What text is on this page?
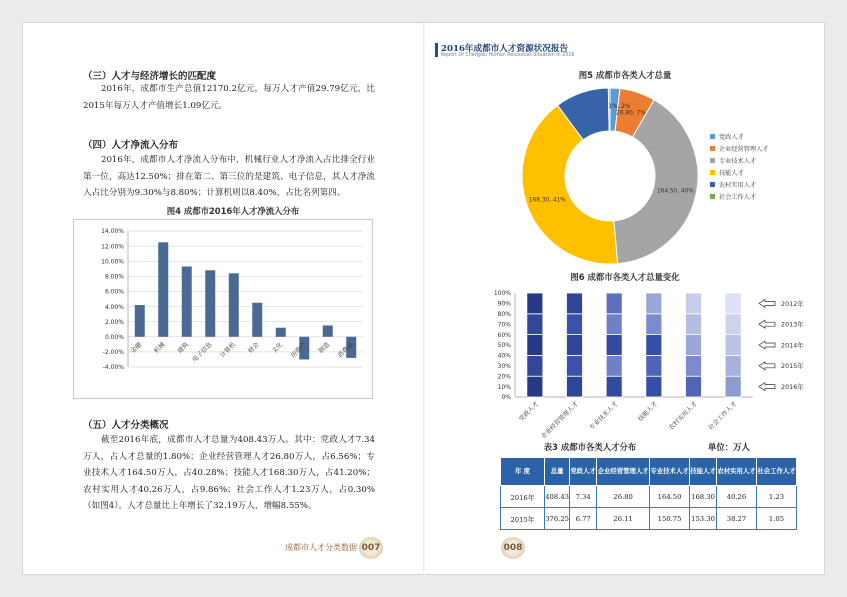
（三）人才与经济增长的匹配度
2016年，成都市生产总值12170.2亿元，每万人才产值29.79亿元，比2015年每万人才产值增长1.09亿元。
（四）人才净流入分布
2016年，成都市人才净流入分布中，机械行业人才净流入占比排全行业第一位，高达12.50%；排在第二、第三位的是建筑、电子信息，其人才净流入占比分别为9.30%与8.80%；计算机则以8.40%，占比名列第四。
图4 成都市2016年人才净流入分布
14.00%
12.00%
10.00%
8.00%
6.00%
4.00%
2.00%
0.00%
-2.00%
-4.00%
金融 机械 建筑 电子信息 计算机 财会 文化 房地产 制造 消费品
（五）人才分类概况
截至2016年底，成都市人才总量为408.43万人。其中：党政人才7.34万人，占人才总量的1.80%；企业经营管理人才26.80万人，占6.56%；专业技术人才164.50万人，占40.28%；技能人才168.30万人，占41.20%；农村实用人才40.26万人，占9.86%；社会工作人才1.23万人，占0.30%（如图4）。人才总量比上年增长了32.19万人，增幅8.55%。
成都市人才分类数据 007
2016年成都市人才资源状况报告
Report Of Chengdu Human Resources Situation In 2016
图5 成都市各类人才总量
26.80, 7%
164.50, 40%
168.30, 41%
1%, 2%
党政人才
企业经营管理人才
专业技术人才
技能人才
农村实用人才
社会工作人才
图6 成都市各类人才总量变化
100%
90%
80%
70%
60%
50%
40%
30%
20%
10%
0%
党政人才 企业经营管理人才 专业技术人才	技能人才 农村实用人才 社会工作人才
2016年
2015年
2014年
2013年
2012年
表3 成都市各类人才分布	单位：万人
年 度	总量	党政人才	企业经营管理人才	专业技术人才	技能人才	农村实用人才	社会工作人才
2016年	408.43	7.34	26.80	164.50	168.30	40.26	1.23
2015年	376.25	6.77	26.11	150.75	153.30	38.27	1.05
008
